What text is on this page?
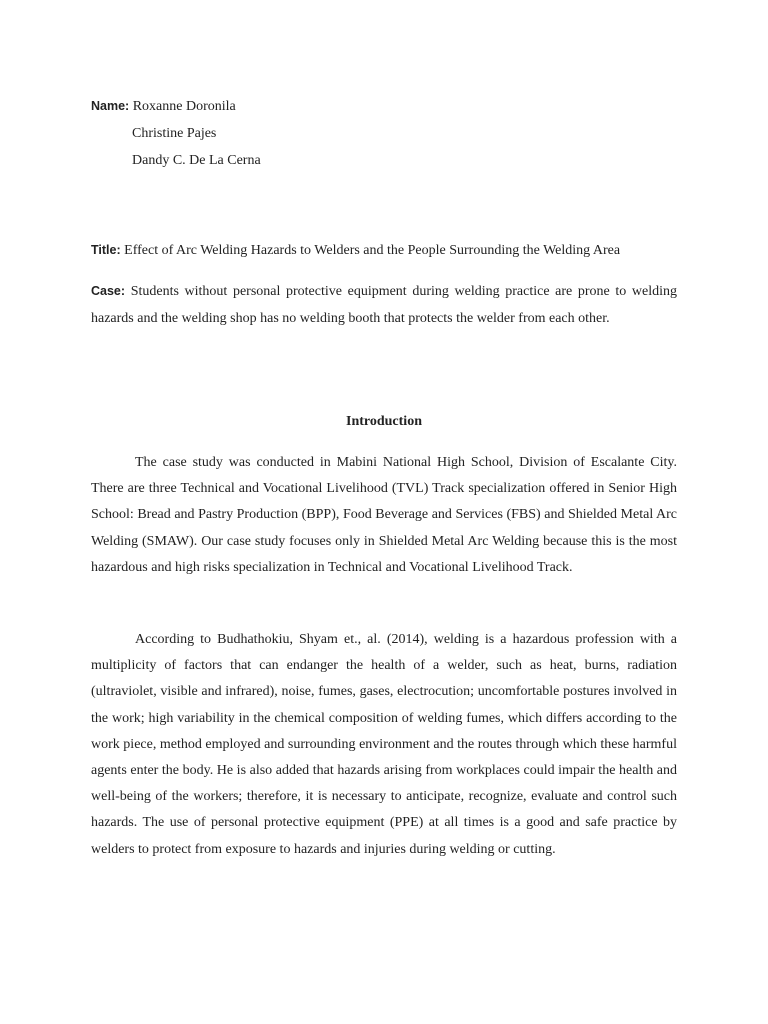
Name: Roxanne Doronila
Christine Pajes
Dandy C. De La Cerna
Title: Effect of Arc Welding Hazards to Welders and the People Surrounding the Welding Area
Case: Students without personal protective equipment during welding practice are prone to welding hazards and the welding shop has no welding booth that protects the welder from each other.
Introduction

The case study was conducted in Mabini National High School, Division of Escalante City. There are three Technical and Vocational Livelihood (TVL) Track specialization offered in Senior High School: Bread and Pastry Production (BPP), Food Beverage and Services (FBS) and Shielded Metal Arc Welding (SMAW). Our case study focuses only in Shielded Metal Arc Welding because this is the most hazardous and high risks specialization in Technical and Vocational Livelihood Track.

According to Budhathokiu, Shyam et., al. (2014), welding is a hazardous profession with a multiplicity of factors that can endanger the health of a welder, such as heat, burns, radiation (ultraviolet, visible and infrared), noise, fumes, gases, electrocution; uncomfortable postures involved in the work; high variability in the chemical composition of welding fumes, which differs according to the work piece, method employed and surrounding environment and the routes through which these harmful agents enter the body. He is also added that hazards arising from workplaces could impair the health and well-being of the workers; therefore, it is necessary to anticipate, recognize, evaluate and control such hazards. The use of personal protective equipment (PPE) at all times is a good and safe practice by welders to protect from exposure to hazards and injuries during welding or cutting.
